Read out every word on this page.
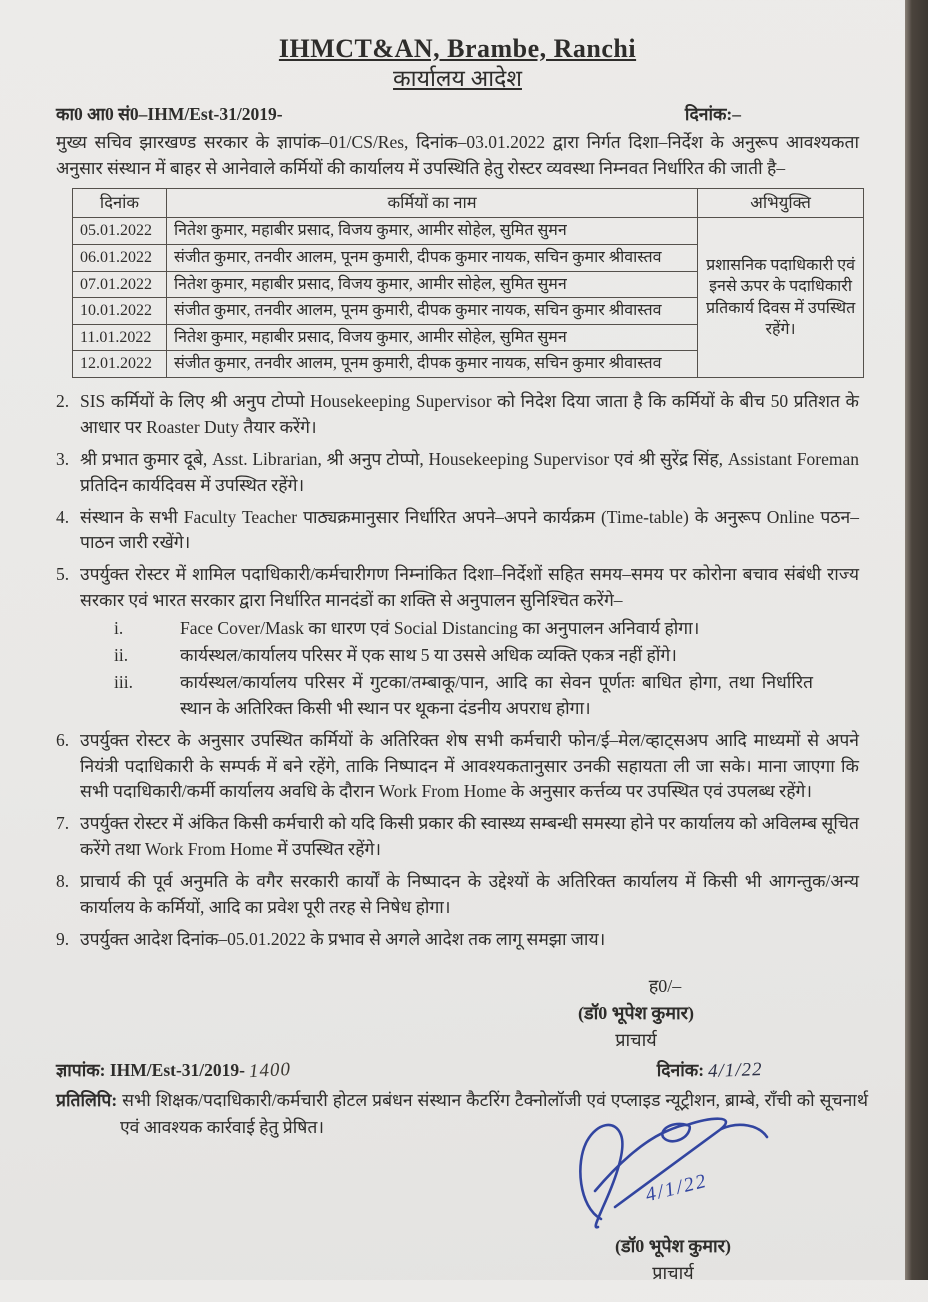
IHMCT&AN, Brambe, Ranchi
कार्यालय आदेश
का0 आ0 सं0–IHM/Est-31/2019-	दिनांक:–
मुख्य सचिव झारखण्ड सरकार के ज्ञापांक–01/CS/Res, दिनांक–03.01.2022 द्वारा निर्गत दिशा–निर्देश के अनुरूप आवश्यकता अनुसार संस्थान में बाहर से आनेवाले कर्मियों की कार्यालय में उपस्थिति हेतु रोस्टर व्यवस्था निम्नवत निर्धारित की जाती है–
दिनांक	कर्मियों का नाम	अभियुक्ति
05.01.2022	नितेश कुमार, महाबीर प्रसाद, विजय कुमार, आमीर सोहेल, सुमित सुमन	प्रशासनिक पदाधिकारी एवं इनसे ऊपर के पदाधिकारी प्रतिकार्य दिवस में उपस्थित रहेंगे।
06.01.2022	संजीत कुमार, तनवीर आलम, पूनम कुमारी, दीपक कुमार नायक, सचिन कुमार श्रीवास्तव	
07.01.2022	नितेश कुमार, महाबीर प्रसाद, विजय कुमार, आमीर सोहेल, सुमित सुमन	
10.01.2022	संजीत कुमार, तनवीर आलम, पूनम कुमारी, दीपक कुमार नायक, सचिन कुमार श्रीवास्तव	
11.01.2022	नितेश कुमार, महाबीर प्रसाद, विजय कुमार, आमीर सोहेल, सुमित सुमन	
12.01.2022	संजीत कुमार, तनवीर आलम, पूनम कुमारी, दीपक कुमार नायक, सचिन कुमार श्रीवास्तव	
2. SIS कर्मियों के लिए श्री अनुप टोप्पो Housekeeping Supervisor को निदेश दिया जाता है कि कर्मियों के बीच 50 प्रतिशत के आधार पर Roaster Duty तैयार करेंगे।
3. श्री प्रभात कुमार दूबे, Asst. Librarian, श्री अनुप टोप्पो, Housekeeping Supervisor एवं श्री सुरेंद्र सिंह, Assistant Foreman प्रतिदिन कार्यदिवस में उपस्थित रहेंगे।
4. संस्थान के सभी Faculty Teacher पाठ्यक्रमानुसार निर्धारित अपने–अपने कार्यक्रम (Time-table) के अनुरूप Online पठन–पाठन जारी रखेंगे।
5. उपर्युक्त रोस्टर में शामिल पदाधिकारी/कर्मचारीगण निम्नांकित दिशा–निर्देशों सहित समय–समय पर कोरोना बचाव संबंधी राज्य सरकार एवं भारत सरकार द्वारा निर्धारित मानदंडों का शक्ति से अनुपालन सुनिश्चित करेंगे–
i.	Face Cover/Mask का धारण एवं Social Distancing का अनुपालन अनिवार्य होगा।
ii.	कार्यस्थल/कार्यालय परिसर में एक साथ 5 या उससे अधिक व्यक्ति एकत्र नहीं होंगे।
iii.	कार्यस्थल/कार्यालय परिसर में गुटका/तम्बाकू/पान, आदि का सेवन पूर्णतः बाधित होगा, तथा निर्धारित स्थान के अतिरिक्त किसी भी स्थान पर थूकना दंडनीय अपराध होगा।
6. उपर्युक्त रोस्टर के अनुसार उपस्थित कर्मियों के अतिरिक्त शेष सभी कर्मचारी फोन/ई–मेल/व्हाट्सअप आदि माध्यमों से अपने नियंत्री पदाधिकारी के सम्पर्क में बने रहेंगे, ताकि निष्पादन में आवश्यकतानुसार उनकी सहायता ली जा सके। माना जाएगा कि सभी पदाधिकारी/कर्मी कार्यालय अवधि के दौरान Work From Home के अनुसार कर्त्तव्य पर उपस्थित एवं उपलब्ध रहेंगे।
7. उपर्युक्त रोस्टर में अंकित किसी कर्मचारी को यदि किसी प्रकार की स्वास्थ्य सम्बन्धी समस्या होने पर कार्यालय को अविलम्ब सूचित करेंगे तथा Work From Home में उपस्थित रहेंगे।
8. प्राचार्य की पूर्व अनुमति के वगैर सरकारी कार्यों के निष्पादन के उद्देश्यों के अतिरिक्त कार्यालय में किसी भी आगन्तुक/अन्य कार्यालय के कर्मियों, आदि का प्रवेश पूरी तरह से निषेध होगा।
9. उपर्युक्त आदेश दिनांक–05.01.2022 के प्रभाव से अगले आदेश तक लागू समझा जाय।
ह0/–
(डॉ0 भूपेश कुमार)
प्राचार्य
ज्ञापांक: IHM/Est-31/2019- 1400	दिनांक: 4/1/22
प्रतिलिपि: सभी शिक्षक/पदाधिकारी/कर्मचारी होटल प्रबंधन संस्थान कैटरिंग टैक्नोलॉजी एवं एप्लाइड न्यूट्रीशन, ब्राम्बे, राँची को सूचनार्थ एवं आवश्यक कार्रवाई हेतु प्रेषित।
4/1/22
(डॉ0 भूपेश कुमार)
प्राचार्य
